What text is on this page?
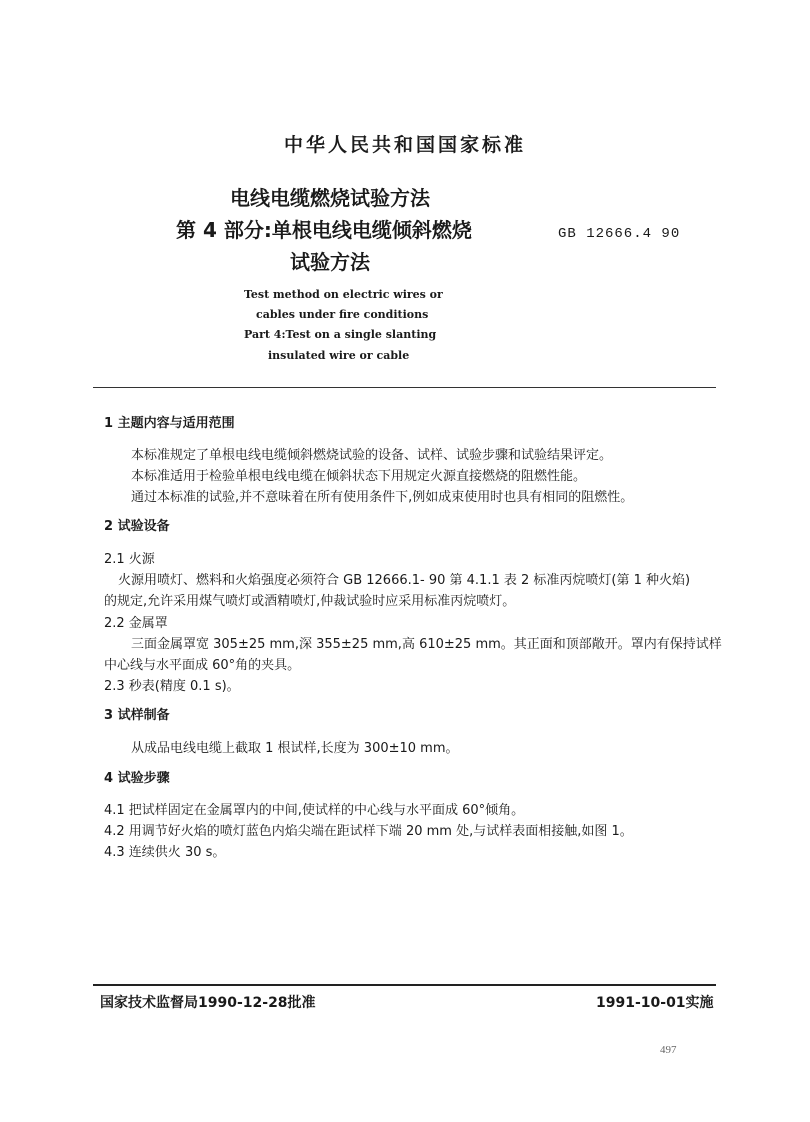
中华人民共和国国家标准
电线电缆燃烧试验方法
第 4 部分:单根电线电缆倾斜燃烧
试验方法
GB 12666.4 90
Test method on electric wires or
cables under fire conditions
Part 4:Test on a single slanting
insulated wire or cable
1 主题内容与适用范围
本标准规定了单根电线电缆倾斜燃烧试验的设备、试样、试验步骤和试验结果评定。
本标准适用于检验单根电线电缆在倾斜状态下用规定火源直接燃烧的阻燃性能。
通过本标准的试验,并不意味着在所有使用条件下,例如成束使用时也具有相同的阻燃性。
2 试验设备
2.1 火源
火源用喷灯、燃料和火焰强度必须符合 GB 12666.1- 90 第 4.1.1 表 2 标准丙烷喷灯(第 1 种火焰)
的规定,允许采用煤气喷灯或酒精喷灯,仲裁试验时应采用标准丙烷喷灯。
2.2 金属罩
三面金属罩宽 305±25 mm,深 355±25 mm,高 610±25 mm。其正面和顶部敞开。罩内有保持试样
中心线与水平面成 60°角的夹具。
2.3 秒表(精度 0.1 s)。
3 试样制备
从成品电线电缆上截取 1 根试样,长度为 300±10 mm。
4 试验步骤
4.1 把试样固定在金属罩内的中间,使试样的中心线与水平面成 60°倾角。
4.2 用调节好火焰的喷灯蓝色内焰尖端在距试样下端 20 mm 处,与试样表面相接触,如图 1。
4.3 连续供火 30 s。
国家技术监督局1990-12-28批准	1991-10-01实施
497
